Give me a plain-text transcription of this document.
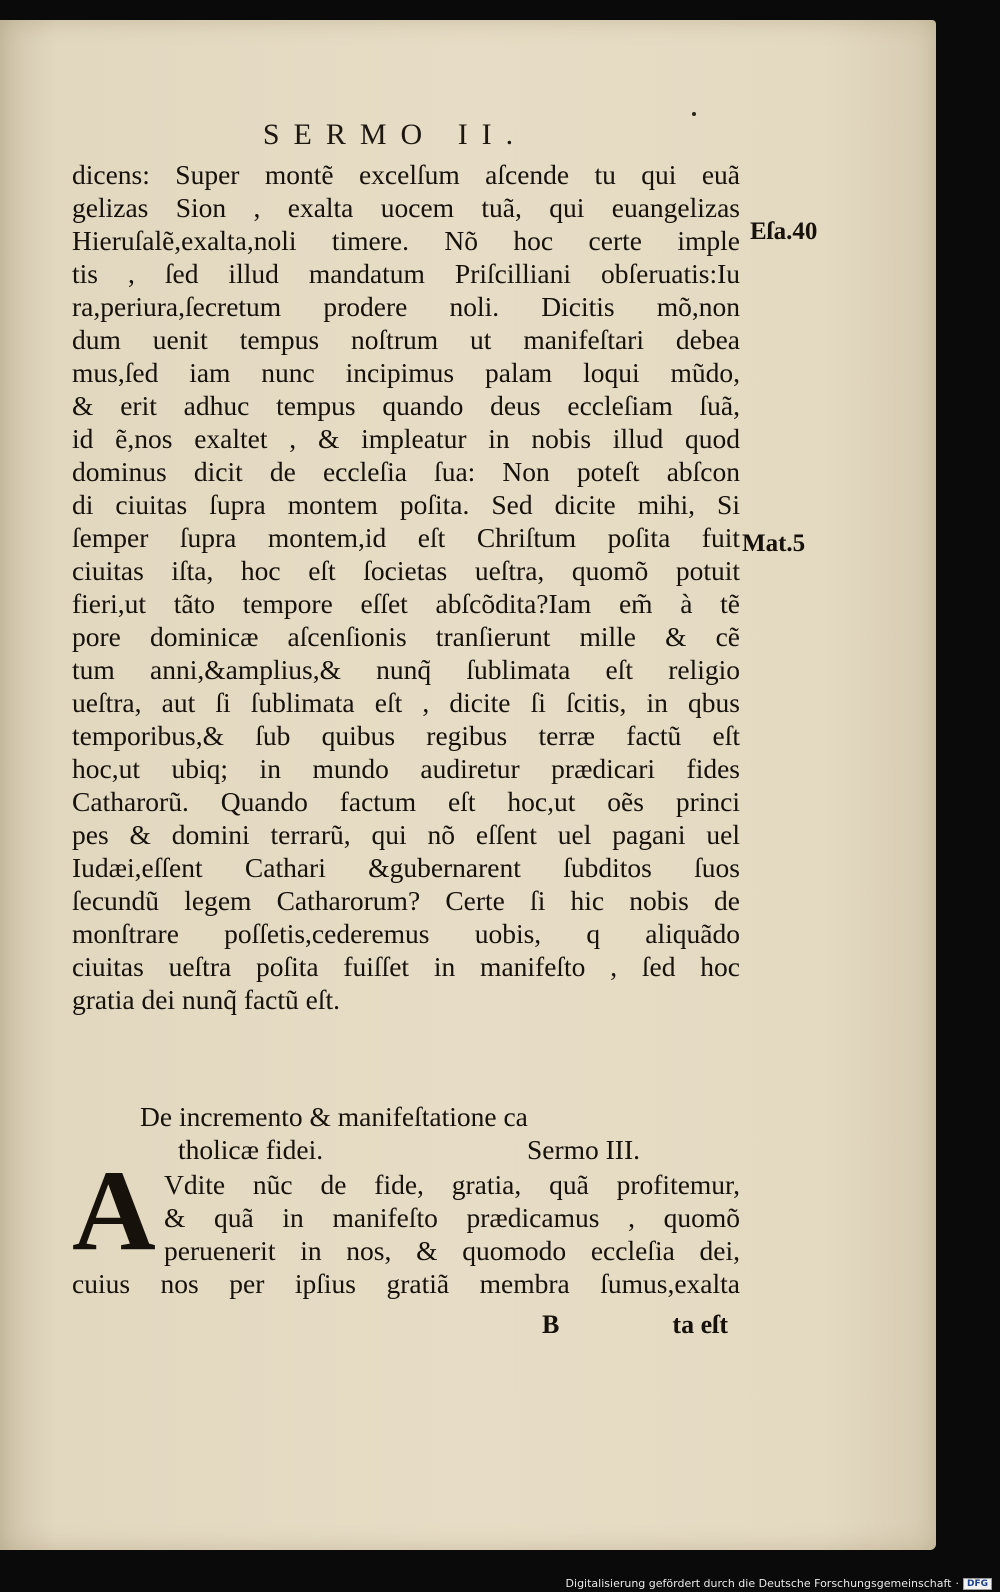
SERMO II.
dicens: Super montẽ excelſum aſcende tu qui euã
gelizas Sion , exalta uocem tuã, qui euangelizas
Hieruſalẽ,exalta,noli timere. Nõ hoc certe imple
tis , ſed illud mandatum Priſcilliani obſeruatis:Iu
ra,periura,ſecretum prodere noli. Dicitis mõ,non
dum uenit tempus noſtrum ut manifeſtari debea
mus,ſed iam nunc incipimus palam loqui mũdo,
& erit adhuc tempus quando deus eccleſiam ſuã,
id ẽ,nos exaltet , & impleatur in nobis illud quod
dominus dicit de eccleſia ſua: Non poteſt abſcon
di ciuitas ſupra montem poſita. Sed dicite mihi, Si
ſemper ſupra montem,id eſt Chriſtum poſita fuit
ciuitas iſta, hoc eſt ſocietas ueſtra, quomõ potuit
fieri,ut tãto tempore eſſet abſcõdita?Iam em̃ à tẽ
pore dominicæ aſcenſionis tranſierunt mille & cẽ
tum anni,&amplius,& nunq̃ ſublimata eſt religio
ueſtra, aut ſi ſublimata eſt , dicite ſi ſcitis, in qbus
temporibus,& ſub quibus regibus terræ factũ eſt
hoc,ut ubiq; in mundo audiretur prædicari fides
Catharorũ. Quando factum eſt hoc,ut oẽs princi
pes & domini terrarũ, qui nõ eſſent uel pagani uel
Iudæi,eſſent Cathari &gubernarent ſubditos ſuos
ſecundũ legem Catharorum? Certe ſi hic nobis de
monſtrare poſſetis,cederemus uobis, q aliquãdo
ciuitas ueſtra poſita fuiſſet in manifeſto , ſed hoc
gratia dei nunq̃ factũ eſt.
Eſa.40
Mat.5
De incremento & manifeſtatione ca
tholicæ fidei.	Sermo III.
A Vdite nũc de fide, gratia, quã profitemur,
& quã in manifeſto prædicamus , quomõ
peruenerit in nos, & quomodo eccleſia dei,
cuius nos per ipſius gratiã membra ſumus,exalta
B	ta eſt
Digitalisierung gefördert durch die Deutsche Forschungsgemeinschaft · DFG
